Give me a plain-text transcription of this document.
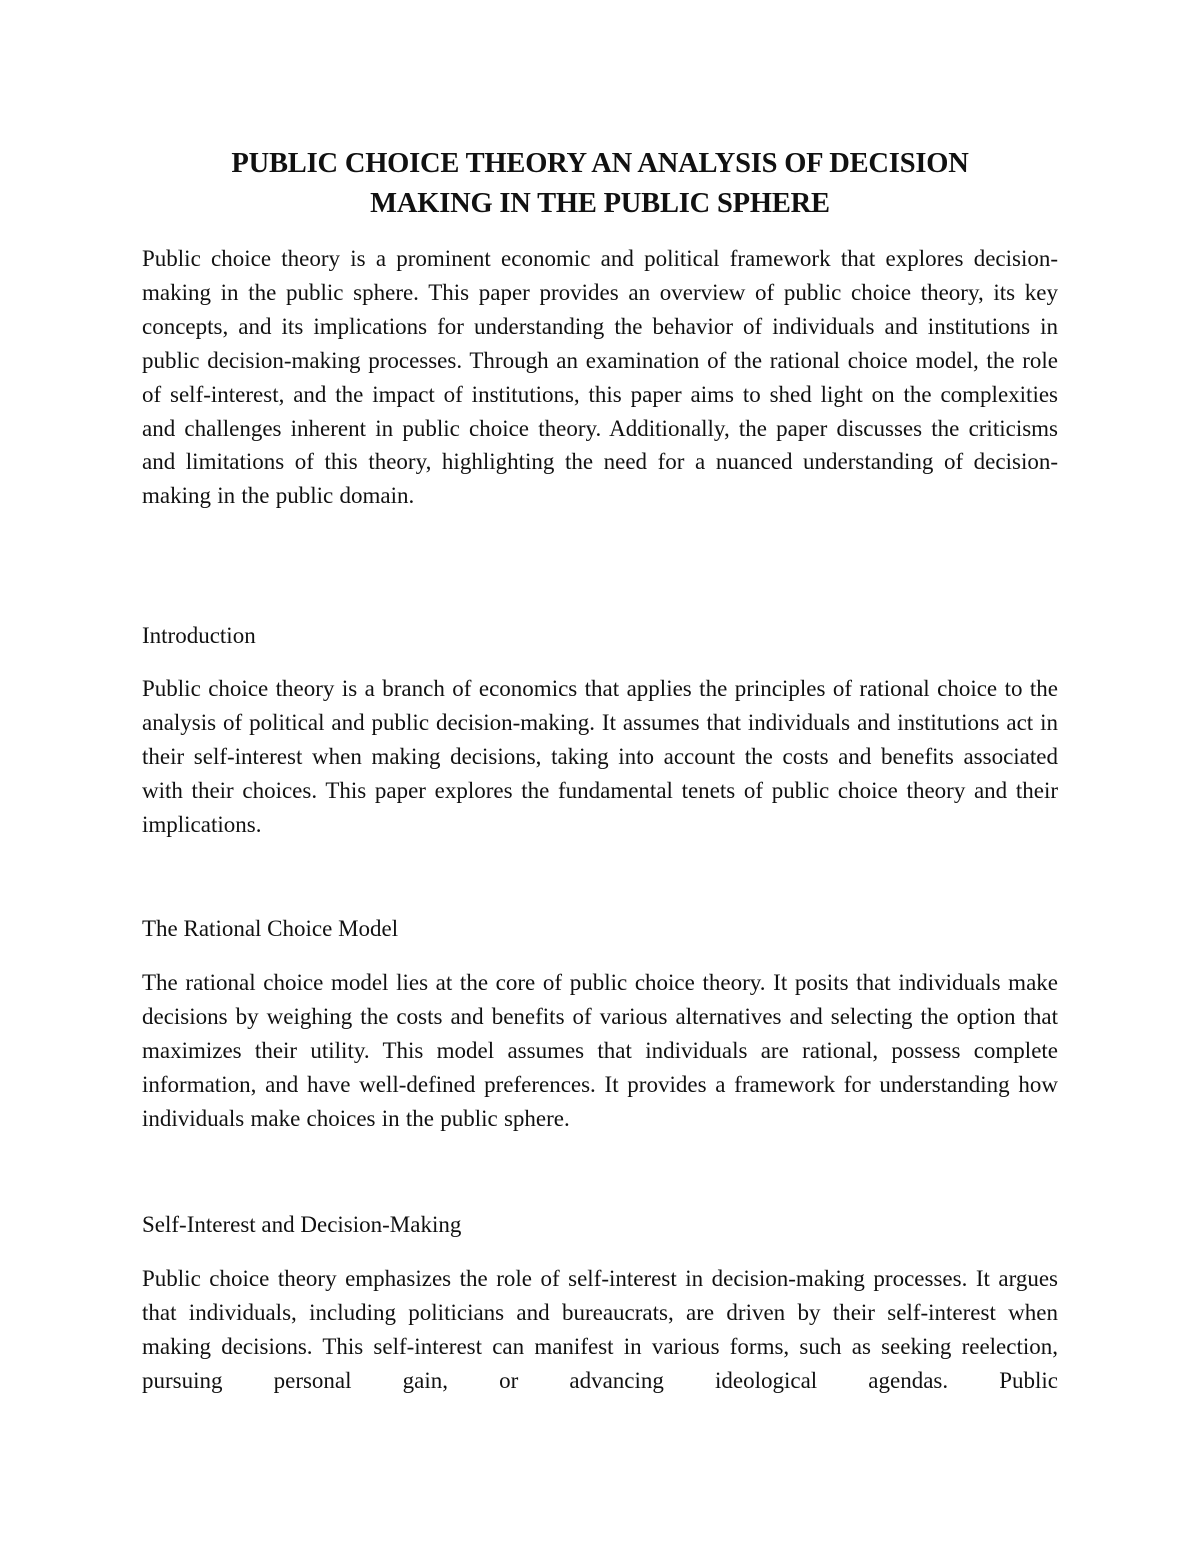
PUBLIC CHOICE THEORY AN ANALYSIS OF DECISION
MAKING IN THE PUBLIC SPHERE

Public choice theory is a prominent economic and political framework that explores decision-making in the public sphere. This paper provides an overview of public choice theory, its key concepts, and its implications for understanding the behavior of individuals and institutions in public decision-making processes. Through an examination of the rational choice model, the role of self-interest, and the impact of institutions, this paper aims to shed light on the complexities and challenges inherent in public choice theory. Additionally, the paper discusses the criticisms and limitations of this theory, highlighting the need for a nuanced understanding of decision-making in the public domain.

Introduction

Public choice theory is a branch of economics that applies the principles of rational choice to the analysis of political and public decision-making. It assumes that individuals and institutions act in their self-interest when making decisions, taking into account the costs and benefits associated with their choices. This paper explores the fundamental tenets of public choice theory and their implications.

The Rational Choice Model

The rational choice model lies at the core of public choice theory. It posits that individuals make decisions by weighing the costs and benefits of various alternatives and selecting the option that maximizes their utility. This model assumes that individuals are rational, possess complete information, and have well-defined preferences. It provides a framework for understanding how individuals make choices in the public sphere.

Self-Interest and Decision-Making

Public choice theory emphasizes the role of self-interest in decision-making processes. It argues that individuals, including politicians and bureaucrats, are driven by their self-interest when making decisions. This self-interest can manifest in various forms, such as seeking reelection, pursuing personal gain, or advancing ideological agendas. Public
